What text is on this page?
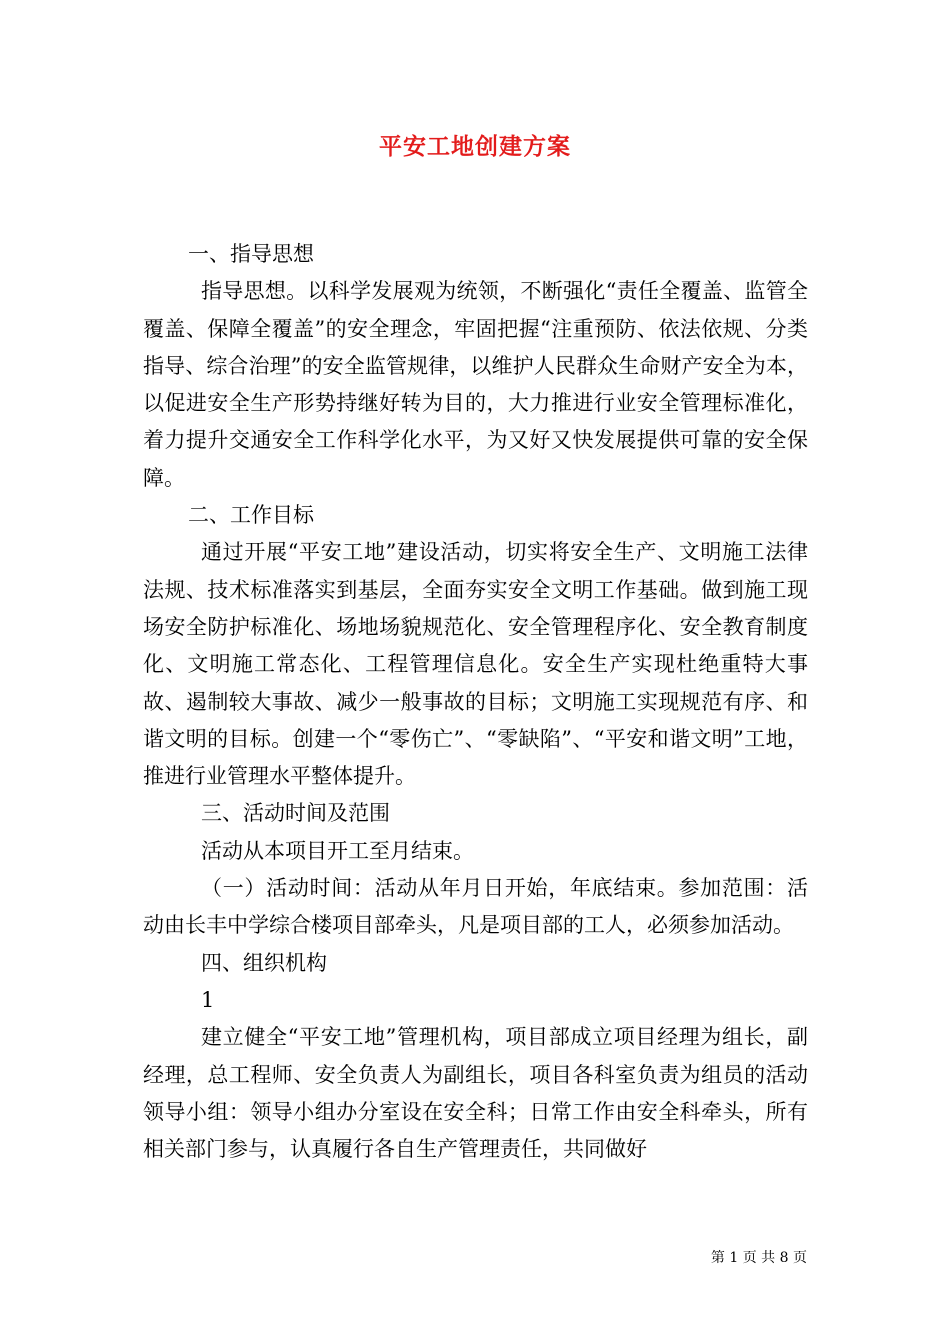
平安工地创建方案

一、指导思想

指导思想。以科学发展观为统领，不断强化“责任全覆盖、监管全覆盖、保障全覆盖”的安全理念，牢固把握“注重预防、依法依规、分类指导、综合治理”的安全监管规律，以维护人民群众生命财产安全为本，以促进安全生产形势持继好转为目的，大力推进行业安全管理标准化，着力提升交通安全工作科学化水平，为又好又快发展提供可靠的安全保障。

二、工作目标

通过开展“平安工地”建设活动，切实将安全生产、文明施工法律法规、技术标准落实到基层，全面夯实安全文明工作基础。做到施工现场安全防护标准化、场地场貌规范化、安全管理程序化、安全教育制度化、文明施工常态化、工程管理信息化。安全生产实现杜绝重特大事故、遏制较大事故、减少一般事故的目标；文明施工实现规范有序、和谐文明的目标。创建一个“零伤亡”、“零缺陷”、“平安和谐文明”工地，推进行业管理水平整体提升。

三、活动时间及范围

活动从本项目开工至月结束。

（一）活动时间：活动从年月日开始，年底结束。参加范围：活动由长丰中学综合楼项目部牵头，凡是项目部的工人，必须参加活动。

四、组织机构

1

建立健全“平安工地”管理机构，项目部成立项目经理为组长，副经理，总工程师、安全负责人为副组长，项目各科室负责为组员的活动领导小组：领导小组办分室设在安全科；日常工作由安全科牵头，所有相关部门参与，认真履行各自生产管理责任，共同做好

第 1 页 共 8 页
